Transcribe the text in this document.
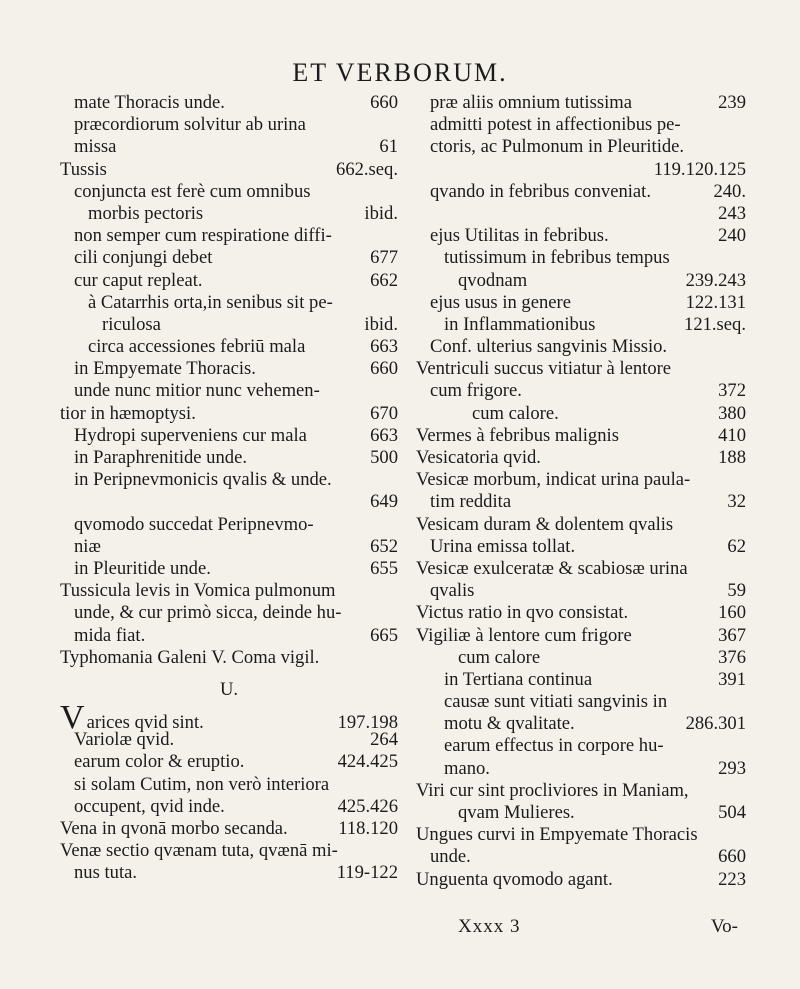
ET VERBORUM.
mate Thoracis unde.	660
præcordiorum solvitur ab urina
missa	61
Tussis	662.seq.
conjuncta est ferè cum omnibus
morbis pectoris	ibid.
non semper cum respiratione diffi-
cili conjungi debet	677
cur caput repleat.	662
à Catarrhis orta,in senibus sit pe-
riculosa	ibid.
circa accessiones febriū mala	663
in Empyemate Thoracis.	660
unde nunc mitior nunc vehemen-
tior in hæmoptysi.	670
Hydropi superveniens cur mala	663
in Paraphrenitide unde.	500
in Peripnevmonicis qvalis & unde.
649
qvomodo succedat Peripnevmo-
niæ	652
in Pleuritide unde.	655
Tussicula levis in Vomica pulmonum
unde, & cur primò sicca, deinde hu-
mida fiat.	665
Typhomania Galeni V. Coma vigil.
U.
V arices qvid sint.	197.198
Variolæ qvid.	264
earum color & eruptio.	424.425
si solam Cutim, non verò interiora
occupent, qvid inde.	425.426
Vena in qvonā morbo secanda.	118.120
Venæ sectio qvænam tuta, qvænā mi-
nus tuta.	119-122
præ aliis omnium tutissima	239
admitti potest in affectionibus pe-
ctoris, ac Pulmonum in Pleuritide.
119.120.125
qvando in febribus conveniat.	240.
243
ejus Utilitas in febribus.	240
tutissimum in febribus tempus
qvodnam	239.243
ejus usus in genere	122.131
in Inflammationibus	121.seq.
Conf. ulterius sangvinis Missio.
Ventriculi succus vitiatur à lentore
cum frigore.	372
cum calore.	380
Vermes à febribus malignis	410
Vesicatoria qvid.	188
Vesicæ morbum, indicat urina paula-
tim reddita	32
Vesicam duram & dolentem qvalis
Urina emissa tollat.	62
Vesicæ exulceratæ & scabiosæ urina
qvalis	59
Victus ratio in qvo consistat.	160
Vigiliæ à lentore cum frigore	367
cum calore	376
in Tertiana continua	391
causæ sunt vitiati sangvinis in
motu & qvalitate.	286.301
earum effectus in corpore hu-
mano.	293
Viri cur sint procliviores in Maniam,
qvam Mulieres.	504
Ungues curvi in Empyemate Thoracis
unde.	660
Unguenta qvomodo agant.	223
Xxxx 3	Vo-
